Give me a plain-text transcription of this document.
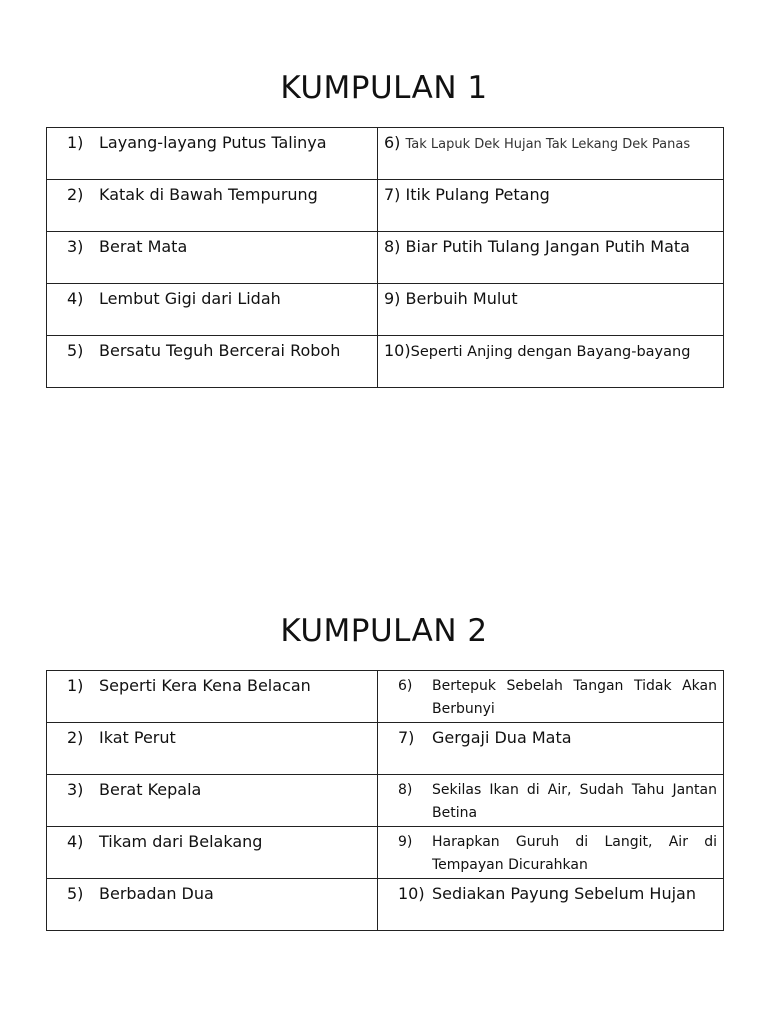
KUMPULAN 1
1) Layang-layang Putus Talinya	6) Tak Lapuk Dek Hujan Tak Lekang Dek Panas
2) Katak di Bawah Tempurung	7) Itik Pulang Petang
3) Berat Mata	8) Biar Putih Tulang Jangan Putih Mata
4) Lembut Gigi dari Lidah	9) Berbuih Mulut
5) Bersatu Teguh Bercerai Roboh	10)Seperti Anjing dengan Bayang-bayang
KUMPULAN 2
1) Seperti Kera Kena Belacan	6) Bertepuk Sebelah Tangan Tidak Akan Berbunyi

2) Ikat Perut	7) Gergaji Dua Mata
3) Berat Kepala	8) Sekilas Ikan di Air, Sudah Tahu Jantan Betina

4) Tikam dari Belakang	9) Harapkan Guruh di Langit, Air di Tempayan Dicurahkan

5) Berbadan Dua	10) Sediakan Payung Sebelum Hujan
